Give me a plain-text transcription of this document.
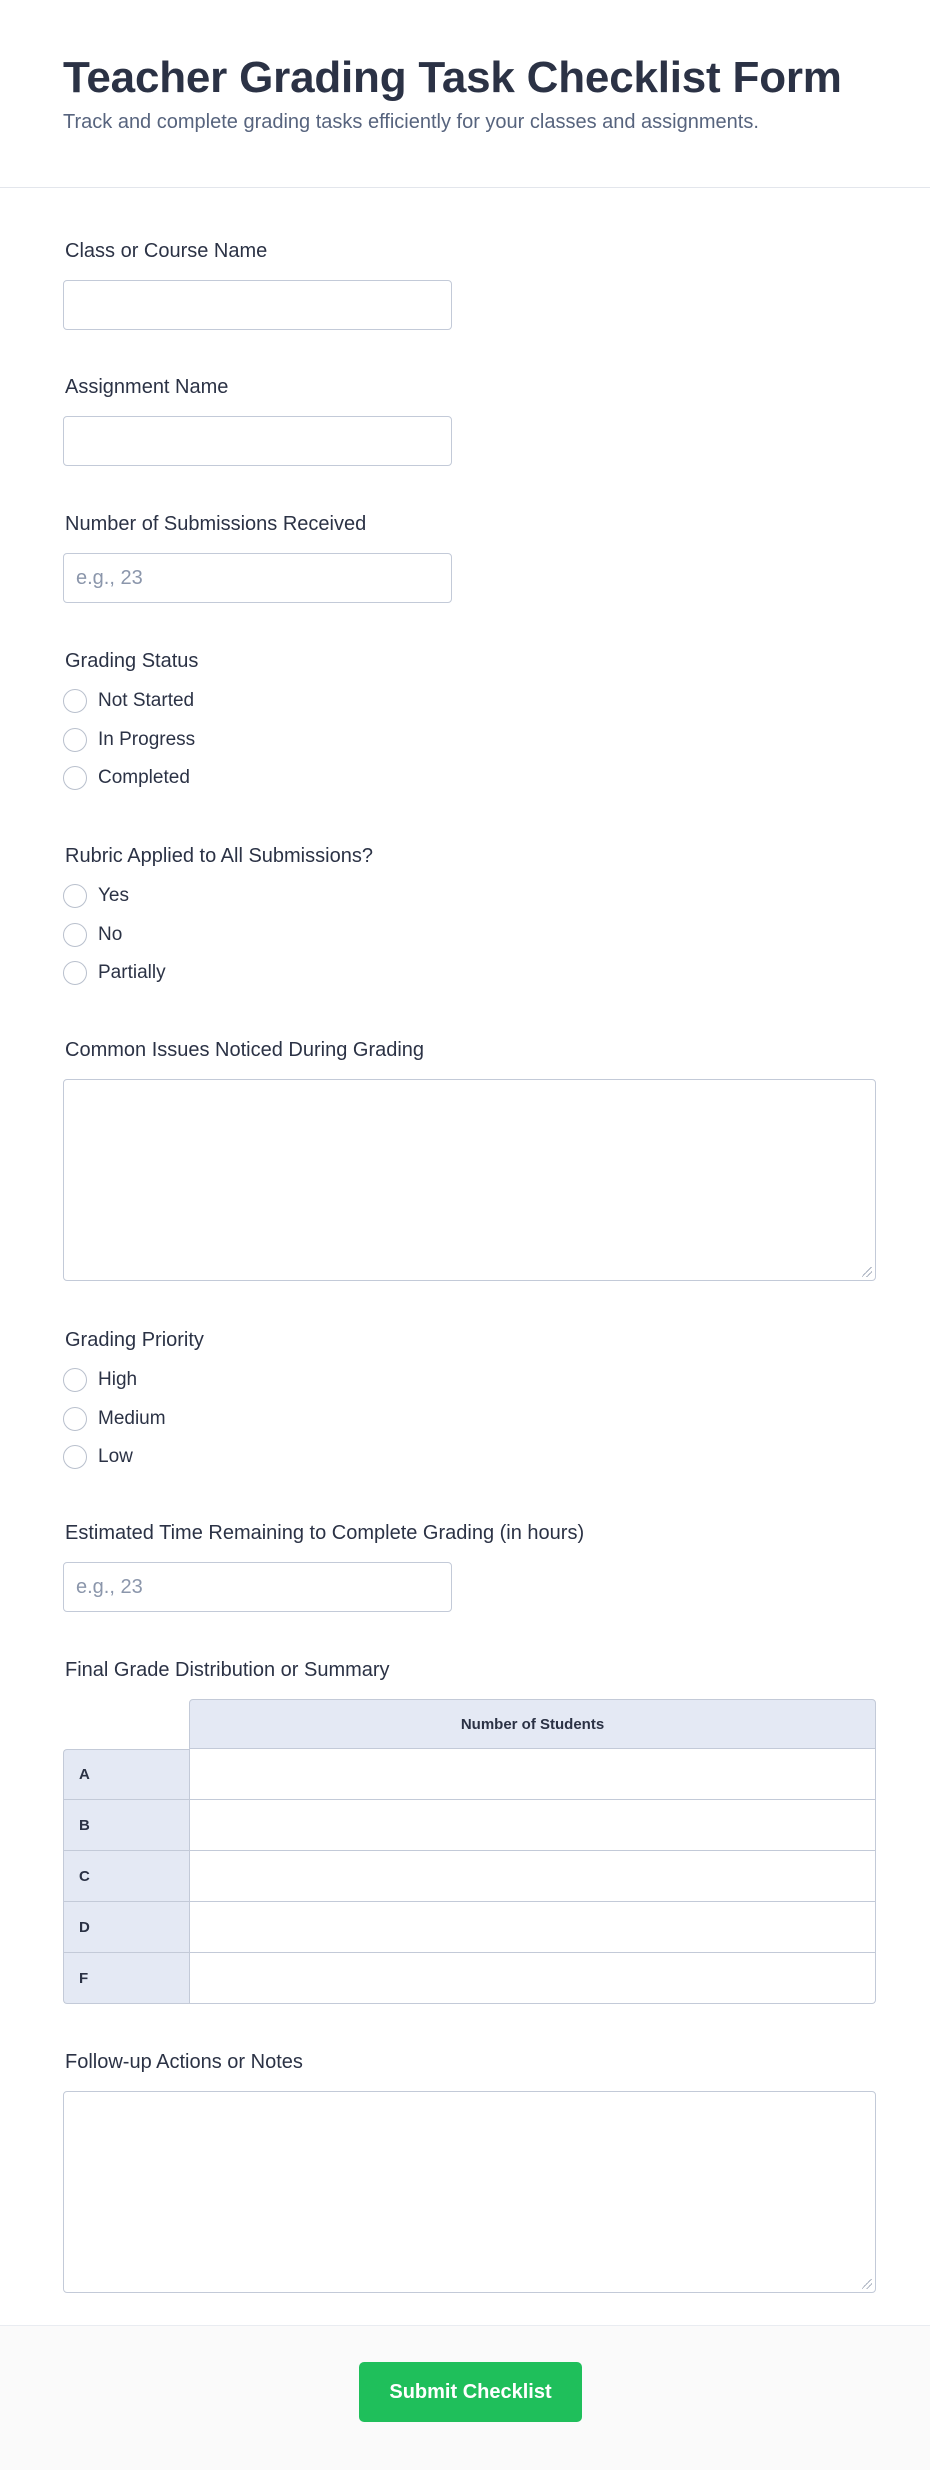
Teacher Grading Task Checklist Form

Track and complete grading tasks efficiently for your classes and assignments.

Class or Course Name
Assignment Name
Number of Submissions Received
e.g., 23
Grading Status
Not Started
In Progress
Completed
Rubric Applied to All Submissions?
Yes
No
Partially
Common Issues Noticed During Grading
Grading Priority
High
Medium
Low
Estimated Time Remaining to Complete Grading (in hours)
e.g., 23
Final Grade Distribution or Summary
	Number of Students
A	
B	
C	
D	
F	
Follow-up Actions or Notes
Submit Checklist
